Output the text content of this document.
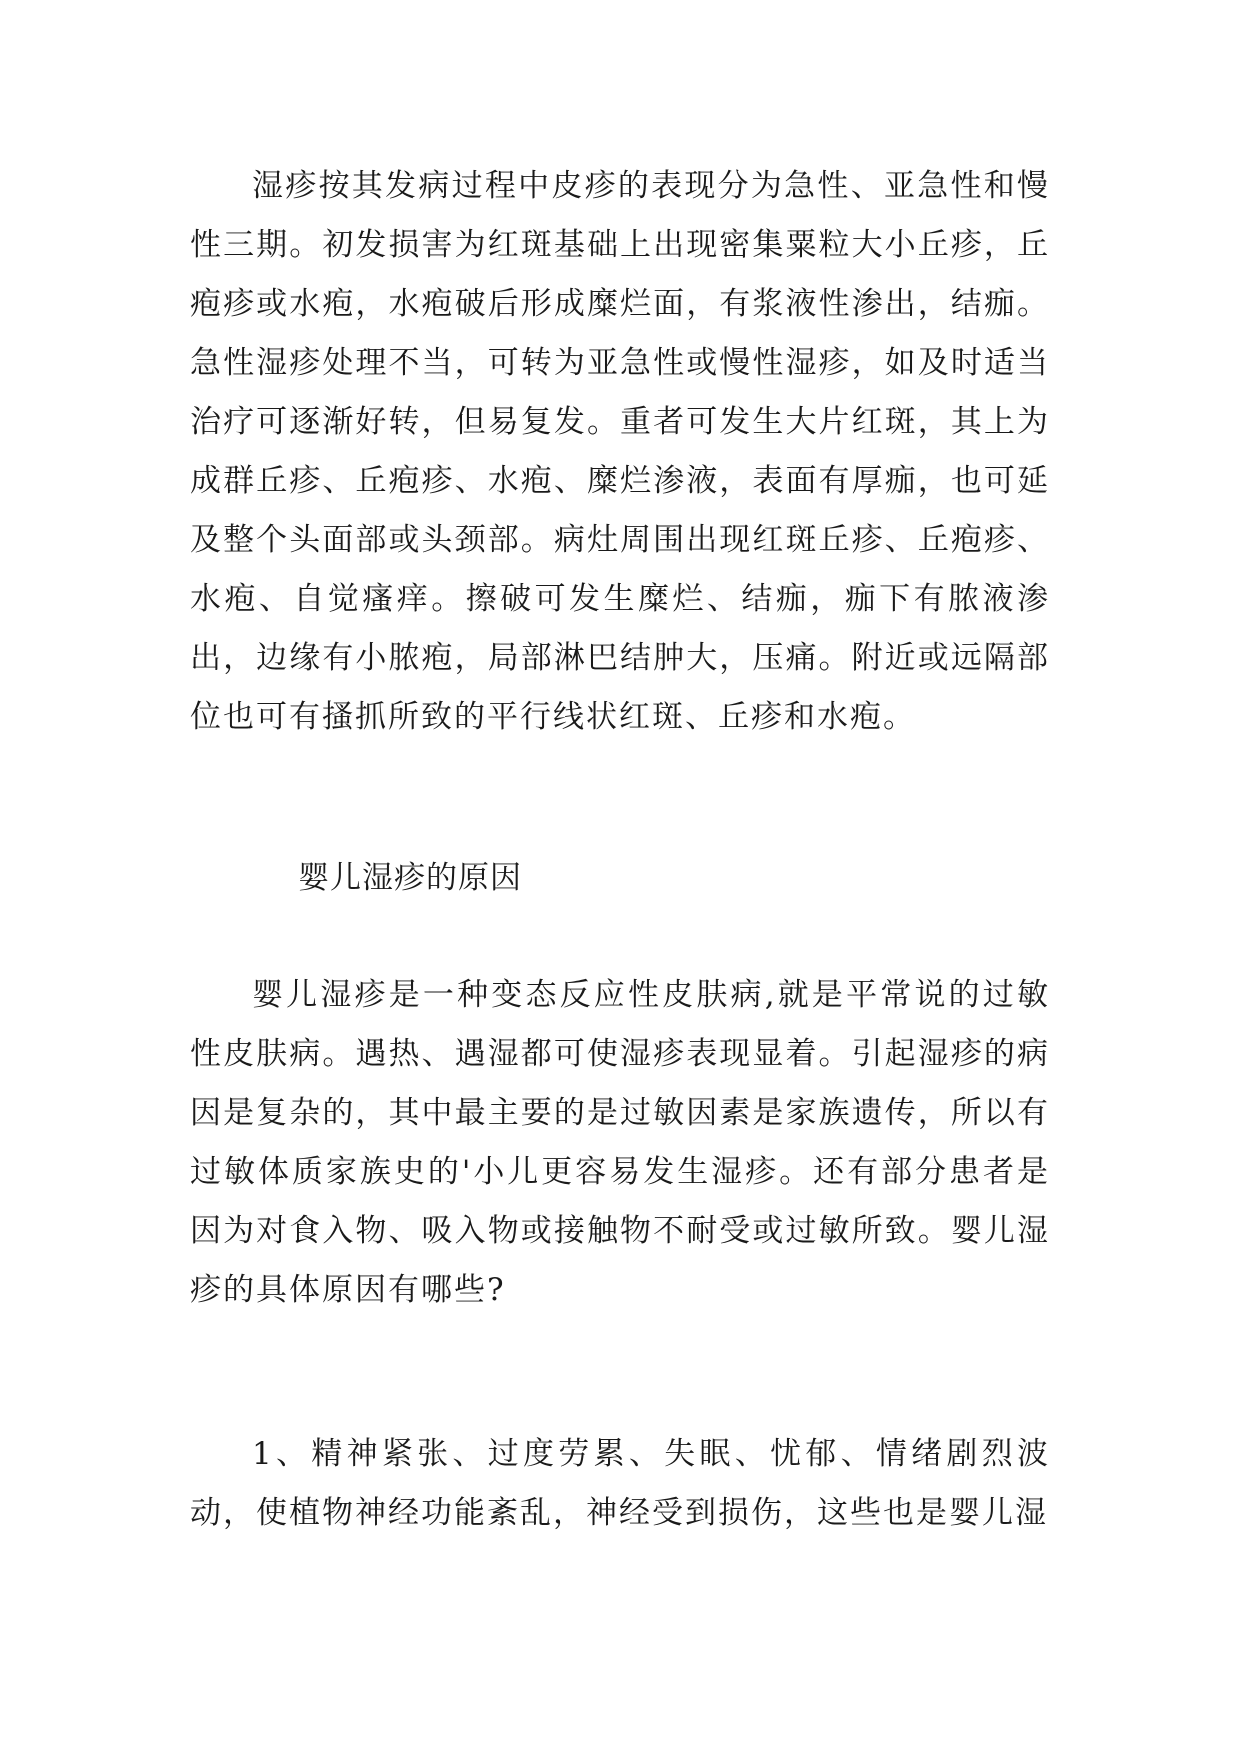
湿疹按其发病过程中皮疹的表现分为急性、亚急性和慢性三期。初发损害为红斑基础上出现密集粟粒大小丘疹，丘疱疹或水疱，水疱破后形成糜烂面，有浆液性渗出，结痂。急性湿疹处理不当，可转为亚急性或慢性湿疹，如及时适当治疗可逐渐好转，但易复发。重者可发生大片红斑，其上为成群丘疹、丘疱疹、水疱、糜烂渗液，表面有厚痂，也可延及整个头面部或头颈部。病灶周围出现红斑丘疹、丘疱疹、水疱、自觉瘙痒。擦破可发生糜烂、结痂，痂下有脓液渗出，边缘有小脓疱，局部淋巴结肿大，压痛。附近或远隔部位也可有搔抓所致的平行线状红斑、丘疹和水疱。

婴儿湿疹的原因

婴儿湿疹是一种变态反应性皮肤病,就是平常说的过敏性皮肤病。遇热、遇湿都可使湿疹表现显着。引起湿疹的病因是复杂的，其中最主要的是过敏因素是家族遗传，所以有过敏体质家族史的'小儿更容易发生湿疹。还有部分患者是因为对食入物、吸入物或接触物不耐受或过敏所致。婴儿湿疹的具体原因有哪些?

1、精神紧张、过度劳累、失眠、忧郁、情绪剧烈波动，使植物神经功能紊乱，神经受到损伤，这些也是婴儿湿
